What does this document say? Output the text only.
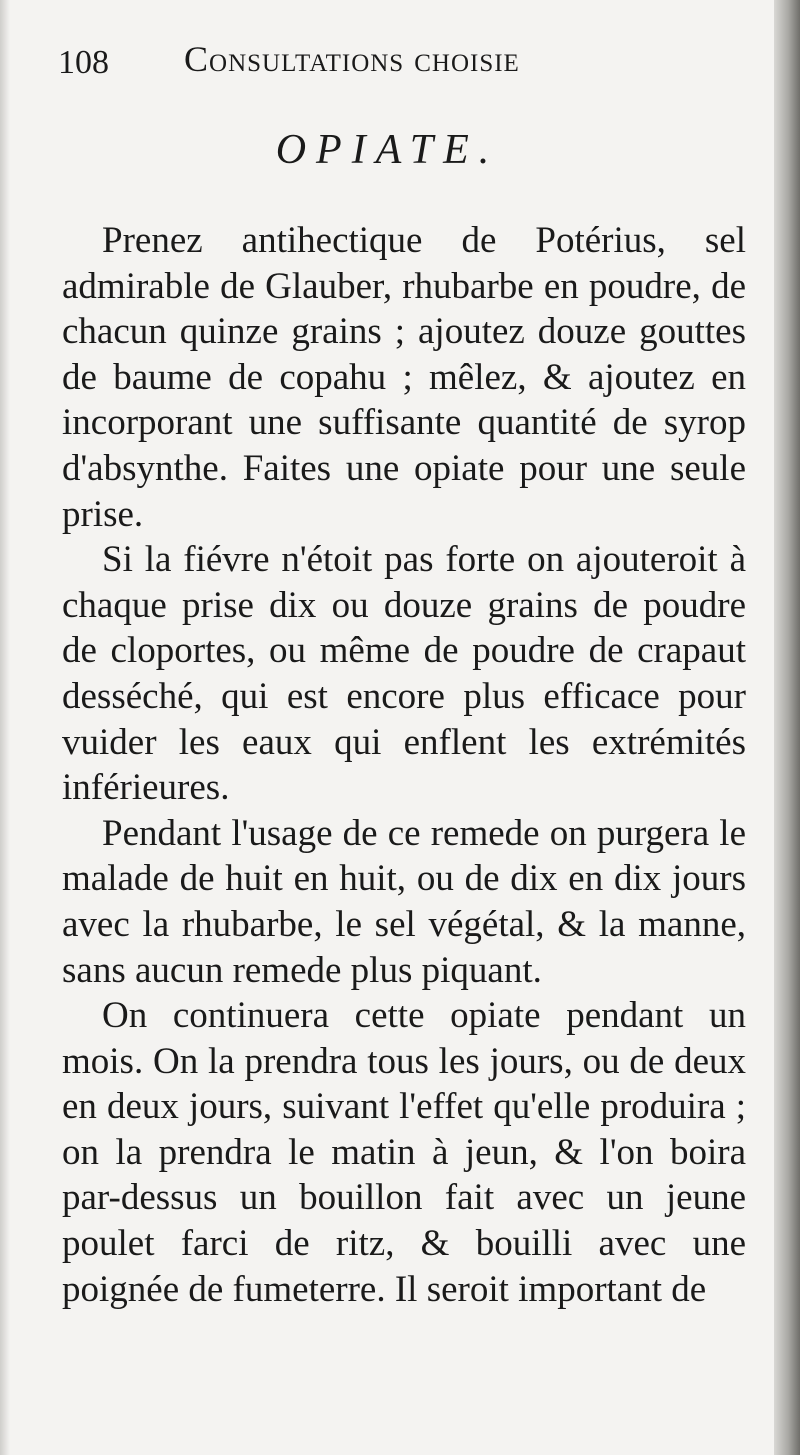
108 Consultations choisie
OPIATE.

Prenez antihectique de Potérius, sel admirable de Glauber, rhubarbe en poudre, de chacun quinze grains ; ajoutez douze gouttes de baume de copahu ; mêlez, & ajoutez en incorporant une suffisante quantité de syrop d'absynthe. Faites une opiate pour une seule prise.

Si la fiévre n'étoit pas forte on ajouteroit à chaque prise dix ou douze grains de poudre de cloportes, ou même de poudre de crapaut desséché, qui est encore plus efficace pour vuider les eaux qui enflent les extrémités inférieures.

Pendant l'usage de ce remede on purgera le malade de huit en huit, ou de dix en dix jours avec la rhubarbe, le sel végétal, & la manne, sans aucun remede plus piquant.

On continuera cette opiate pendant un mois. On la prendra tous les jours, ou de deux en deux jours, suivant l'effet qu'elle produira ; on la prendra le matin à jeun, & l'on boira par-dessus un bouillon fait avec un jeune poulet farci de ritz, & bouilli avec une poignée de fumeterre. Il seroit important de
